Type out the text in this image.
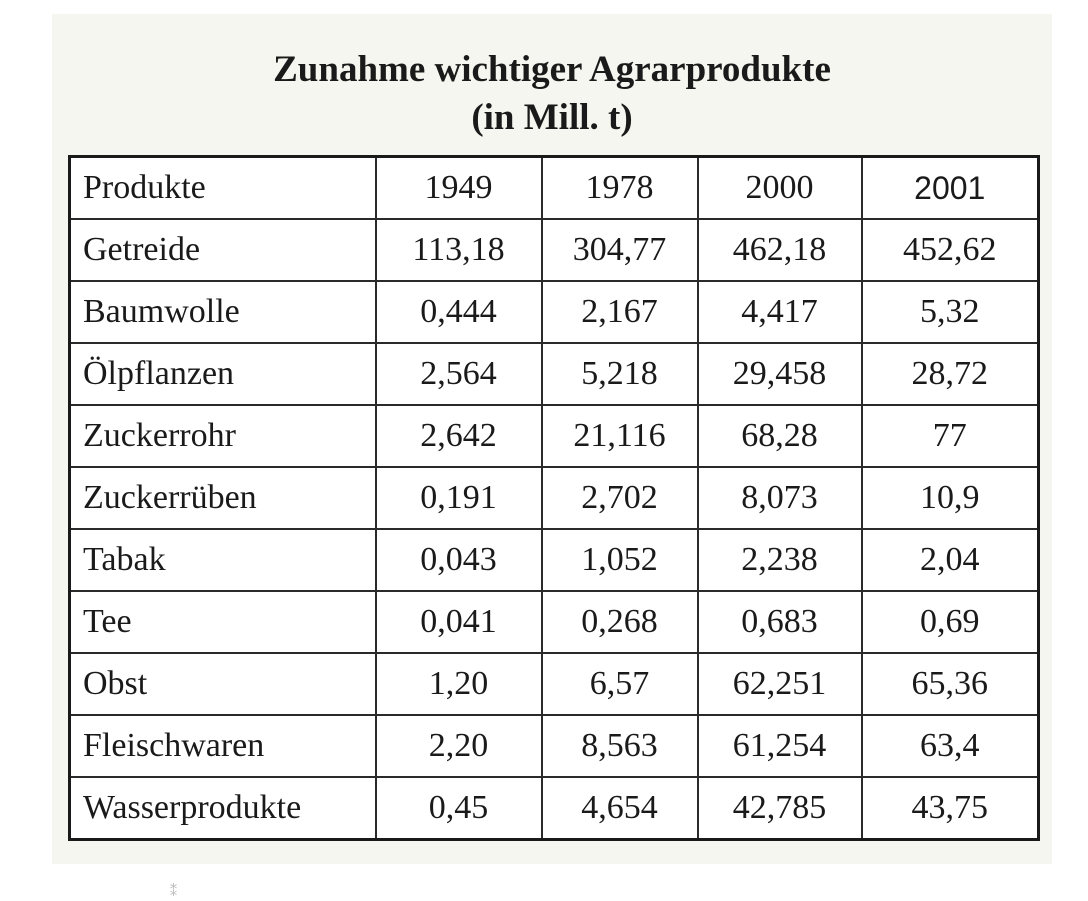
Zunahme wichtiger Agrarprodukte
(in Mill. t)
Produkte	1949	1978	2000	2001
Getreide	113,18	304,77	462,18	452,62
Baumwolle	0,444	2,167	4,417	5,32
Ölpflanzen	2,564	5,218	29,458	28,72
Zuckerrohr	2,642	21,116	68,28	77
Zuckerrüben	0,191	2,702	8,073	10,9
Tabak	0,043	1,052	2,238	2,04
Tee	0,041	0,268	0,683	0,69
Obst	1,20	6,57	62,251	65,36
Fleischwaren	2,20	8,563	61,254	63,4
Wasserprodukte	0,45	4,654	42,785	43,75
⁑
